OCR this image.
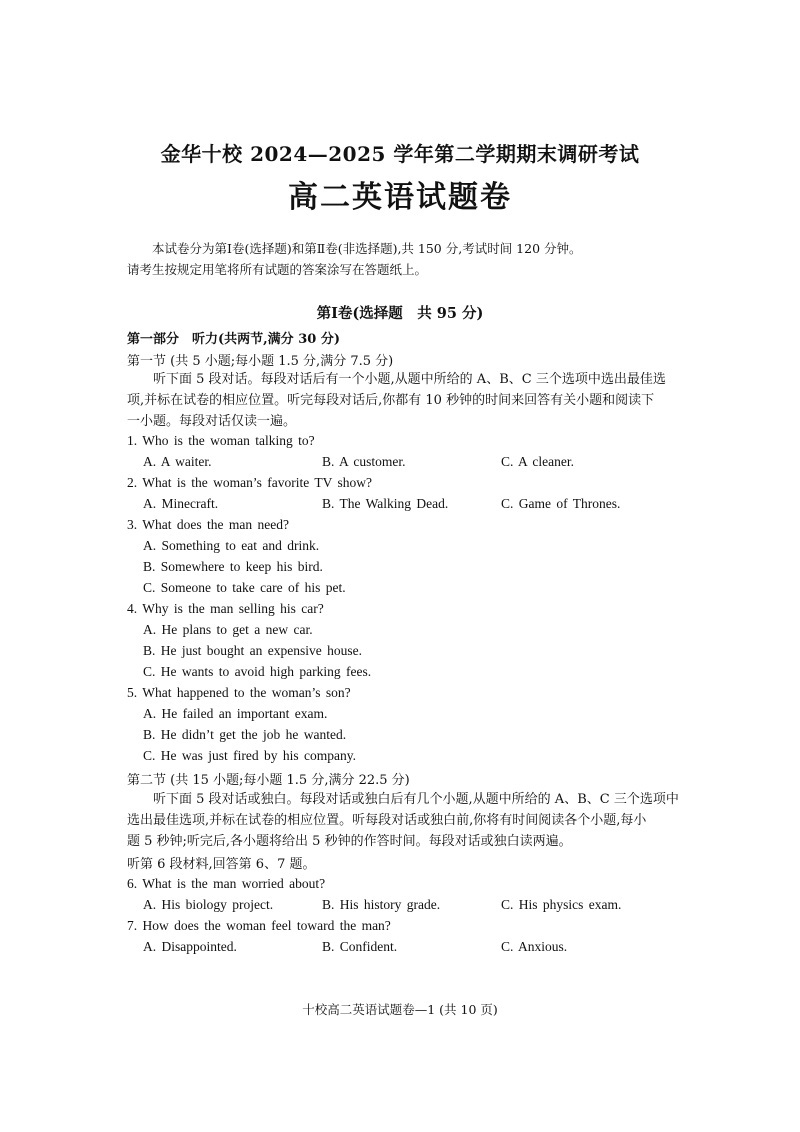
金华十校 2024—2025 学年第二学期期末调研考试
高二英语试题卷
本试卷分为第Ⅰ卷(选择题)和第Ⅱ卷(非选择题),共 150 分,考试时间 120 分钟。
请考生按规定用笔将所有试题的答案涂写在答题纸上。
第Ⅰ卷(选择题　共 95 分)
第一部分　听力(共两节,满分 30 分)
第一节 (共 5 小题;每小题 1.5 分,满分 7.5 分)
听下面 5 段对话。每段对话后有一个小题,从题中所给的 A、B、C 三个选项中选出最佳选
项,并标在试卷的相应位置。听完每段对话后,你都有 10 秒钟的时间来回答有关小题和阅读下
一小题。每段对话仅读一遍。
1. Who is the woman talking to?
A. A waiter.	B. A customer.	C. A cleaner.
2. What is the woman’s favorite TV show?
A. Minecraft.	B. The Walking Dead.	C. Game of Thrones.
3. What does the man need?
A. Something to eat and drink.
B. Somewhere to keep his bird.
C. Someone to take care of his pet.
4. Why is the man selling his car?
A. He plans to get a new car.
B. He just bought an expensive house.
C. He wants to avoid high parking fees.
5. What happened to the woman’s son?
A. He failed an important exam.
B. He didn’t get the job he wanted.
C. He was just fired by his company.
第二节 (共 15 小题;每小题 1.5 分,满分 22.5 分)
听下面 5 段对话或独白。每段对话或独白后有几个小题,从题中所给的 A、B、C 三个选项中
选出最佳选项,并标在试卷的相应位置。听每段对话或独白前,你将有时间阅读各个小题,每小
题 5 秒钟;听完后,各小题将给出 5 秒钟的作答时间。每段对话或独白读两遍。
听第 6 段材料,回答第 6、7 题。
6. What is the man worried about?
A. His biology project.	B. His history grade.	C. His physics exam.
7. How does the woman feel toward the man?
A. Disappointed.	B. Confident.	C. Anxious.
十校高二英语试题卷—1 (共 10 页)
